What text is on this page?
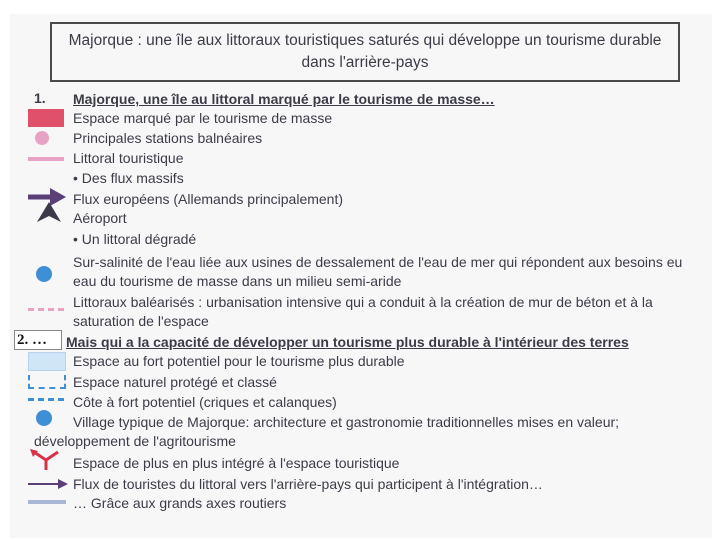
Majorque : une île aux littoraux touristiques saturés qui développe un tourisme durable
dans l'arrière-pays
1. Majorque, une île au littoral marqué par le tourisme de masse…
Espace marqué par le tourisme de masse
Principales stations balnéaires
Littoral touristique
• Des flux massifs
Flux européens (Allemands principalement)
Aéroport
• Un littoral dégradé
Sur-salinité de l'eau liée aux usines de dessalement de l'eau de mer qui répondent aux besoins eu
eau du tourisme de masse dans un milieu semi-aride
Littoraux baléarisés : urbanisation intensive qui a conduit à la création de mur de béton et à la
saturation de l'espace
2. …	Mais qui a la capacité de développer un tourisme plus durable à l'intérieur des terres
Espace au fort potentiel pour le tourisme plus durable
Espace naturel protégé et classé
Côte à fort potentiel (criques et calanques)
Village typique de Majorque: architecture et gastronomie traditionnelles mises en valeur;
développement de l'agritourisme
Espace de plus en plus intégré à l'espace touristique
Flux de touristes du littoral vers l'arrière-pays qui participent à l'intégration…
… Grâce aux grands axes routiers
